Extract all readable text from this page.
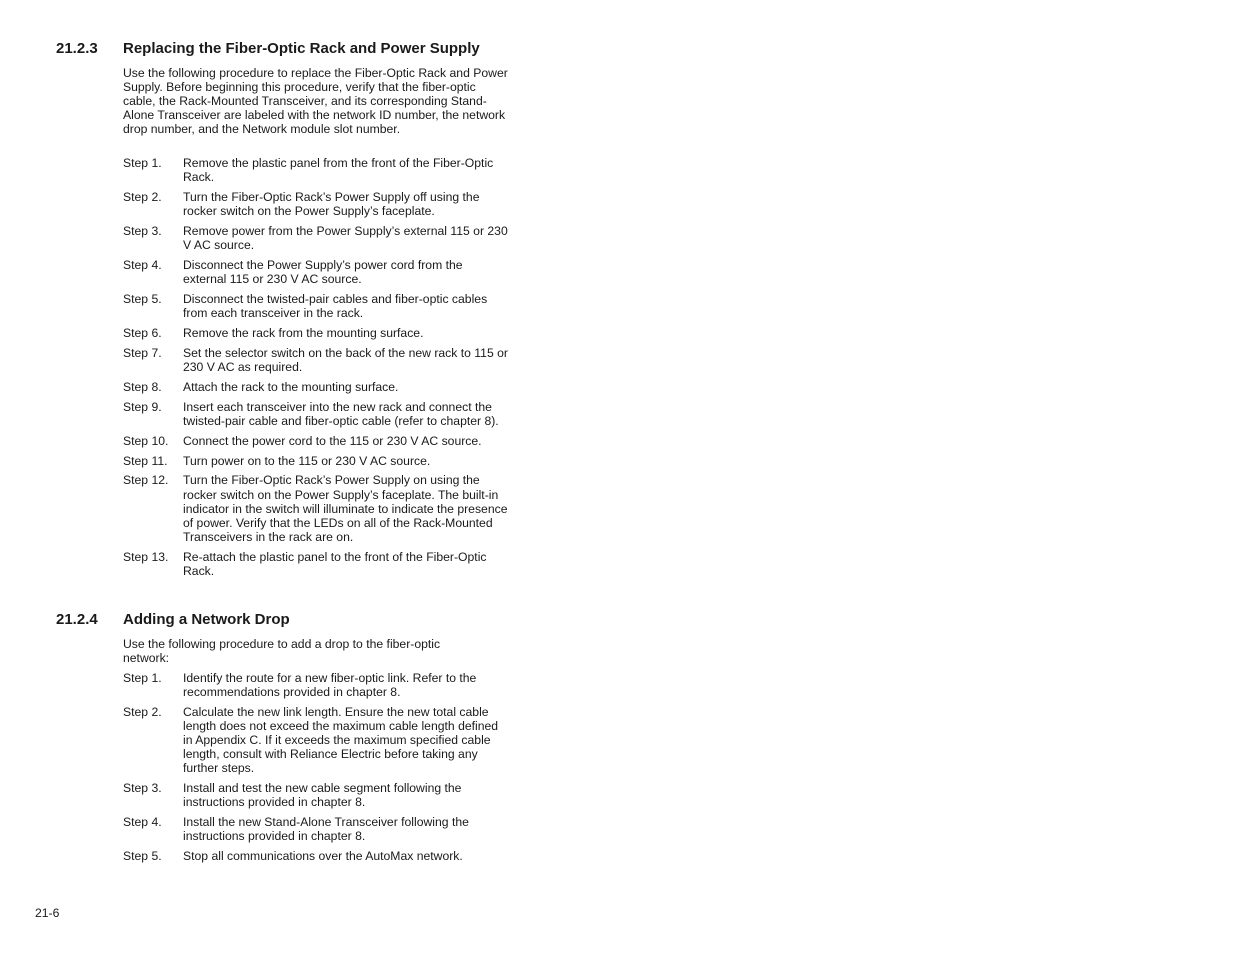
21.2.3 Replacing the Fiber-Optic Rack and Power Supply
Use the following procedure to replace the Fiber-Optic Rack and Power Supply. Before beginning this procedure, verify that the fiber-optic cable, the Rack-Mounted Transceiver, and its corresponding Stand-Alone Transceiver are labeled with the network ID number, the network drop number, and the Network module slot number.
Step 1.	Remove the plastic panel from the front of the Fiber-Optic Rack.
Step 2.	Turn the Fiber-Optic Rack’s Power Supply off using the rocker switch on the Power Supply’s faceplate.
Step 3.	Remove power from the Power Supply’s external 115 or 230 V AC source.
Step 4.	Disconnect the Power Supply’s power cord from the external 115 or 230 V AC source.
Step 5.	Disconnect the twisted-pair cables and fiber-optic cables from each transceiver in the rack.
Step 6.	Remove the rack from the mounting surface.
Step 7.	Set the selector switch on the back of the new rack to 115 or 230 V AC as required.
Step 8.	Attach the rack to the mounting surface.
Step 9.	Insert each transceiver into the new rack and connect the twisted-pair cable and fiber-optic cable (refer to chapter 8).
Step 10.	Connect the power cord to the 115 or 230 V AC source.
Step 11.	Turn power on to the 115 or 230 V AC source.
Step 12.	Turn the Fiber-Optic Rack’s Power Supply on using the rocker switch on the Power Supply’s faceplate. The built-in indicator in the switch will illuminate to indicate the presence of power. Verify that the LEDs on all of the Rack-Mounted Transceivers in the rack are on.
Step 13.	Re-attach the plastic panel to the front of the Fiber-Optic Rack.
21.2.4 Adding a Network Drop
Use the following procedure to add a drop to the fiber-optic network:
Step 1.	Identify the route for a new fiber-optic link. Refer to the recommendations provided in chapter 8.
Step 2.	Calculate the new link length. Ensure the new total cable length does not exceed the maximum cable length defined in Appendix C. If it exceeds the maximum specified cable length, consult with Reliance Electric before taking any further steps.
Step 3.	Install and test the new cable segment following the instructions provided in chapter 8.
Step 4.	Install the new Stand-Alone Transceiver following the instructions provided in chapter 8.
Step 5.	Stop all communications over the AutoMax network.
21-6
